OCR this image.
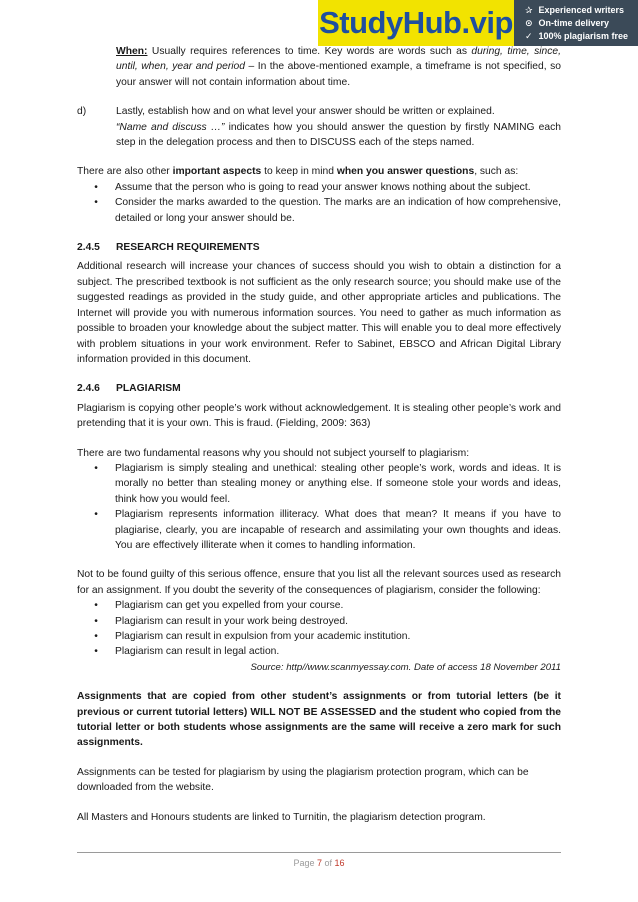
StudyHub.vip ✰ Experienced writers
⊙ On-time delivery
✓ 100% plagiarism free

When: Usually requires references to time. Key words are words such as during, time, since, until, when, year and period – In the above-mentioned example, a timeframe is not specified, so your answer will not contain information about time.

d)	Lastly, establish how and on what level your answer should be written or explained.

“Name and discuss …” indicates how you should answer the question by firstly NAMING each step in the delegation process and then to DISCUSS each of the steps named.

There are also other important aspects to keep in mind when you answer questions, such as:

•	Assume that the person who is going to read your answer knows nothing about the subject.
•	Consider the marks awarded to the question. The marks are an indication of how comprehensive, detailed or long your answer should be.
2.4.5	RESEARCH REQUIREMENTS

Additional research will increase your chances of success should you wish to obtain a distinction for a subject. The prescribed textbook is not sufficient as the only research source; you should make use of the suggested readings as provided in the study guide, and other appropriate articles and publications. The Internet will provide you with numerous information sources. You need to gather as much information as possible to broaden your knowledge about the subject matter. This will enable you to deal more effectively with problem situations in your work environment. Refer to Sabinet, EBSCO and African Digital Library information provided in this document.

2.4.6	PLAGIARISM

Plagiarism is copying other people’s work without acknowledgement. It is stealing other people’s work and pretending that it is your own. This is fraud. (Fielding, 2009: 363)

There are two fundamental reasons why you should not subject yourself to plagiarism:

•	Plagiarism is simply stealing and unethical: stealing other people’s work, words and ideas. It is morally no better than stealing money or anything else. If someone stole your words and ideas, think how you would feel.
•	Plagiarism represents information illiteracy. What does that mean? It means if you have to plagiarise, clearly, you are incapable of research and assimilating your own thoughts and ideas. You are effectively illiterate when it comes to handling information.

Not to be found guilty of this serious offence, ensure that you list all the relevant sources used as research for an assignment. If you doubt the severity of the consequences of plagiarism, consider the following:

•	Plagiarism can get you expelled from your course.
•	Plagiarism can result in your work being destroyed.
•	Plagiarism can result in expulsion from your academic institution.
•	Plagiarism can result in legal action.

Source: http//www.scanmyessay.com. Date of access 18 November 2011

Assignments that are copied from other student’s assignments or from tutorial letters (be it previous or current tutorial letters) WILL NOT BE ASSESSED and the student who copied from the tutorial letter or both students whose assignments are the same will receive a zero mark for such assignments.

Assignments can be tested for plagiarism by using the plagiarism protection program, which can be downloaded from the website.

All Masters and Honours students are linked to Turnitin, the plagiarism detection program.

Page 7 of 16
